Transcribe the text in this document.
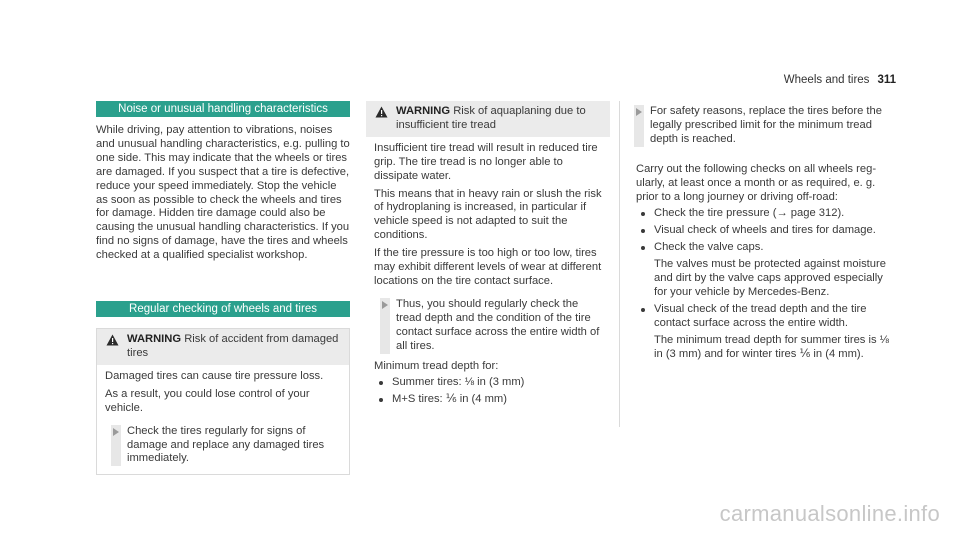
Wheels and tires 311
Noise or unusual handling characteristics

While driving, pay attention to vibrations, noises and unusual handling characteristics, e.g. pulling to one side. This may indicate that the wheels or tires are damaged. If you suspect that a tire is defective, reduce your speed immediately. Stop the vehicle as soon as possible to check the wheels and tires for damage. Hidden tire damage could also be causing the unusual handling characteristics. If you find no signs of damage, have the tires and wheels checked at a qualified specialist workshop.

Regular checking of wheels and tires
WARNING Risk of accident from damaged tires

Damaged tires can cause tire pressure loss.

As a result, you could lose control of your vehicle.

Check the tires regularly for signs of damage and replace any damaged tires immediately.
WARNING Risk of aquaplaning due to insufficient tire tread

Insufficient tire tread will result in reduced tire grip. The tire tread is no longer able to dissipate water.

This means that in heavy rain or slush the risk of hydroplaning is increased, in particular if vehicle speed is not adapted to suit the conditions.

If the tire pressure is too high or too low, tires may exhibit different levels of wear at different locations on the tire contact surface.

Thus, you should regularly check the tread depth and the condition of the tire contact surface across the entire width of all tires.

Minimum tread depth for:

Summer tires: ⅛ in (3 mm)
M+S tires: ⅙ in (4 mm)
For safety reasons, replace the tires before the legally prescribed limit for the minimum tread depth is reached.

Carry out the following checks on all wheels regularly, at least once a month or as required, e. g. prior to a long journey or driving off-road:

Check the tire pressure (→ page 312).
Visual check of wheels and tires for damage.
Check the valve caps.

The valves must be protected against moisture and dirt by the valve caps approved especially for your vehicle by Mercedes-Benz.

Visual check of the tread depth and the tire contact surface across the entire width.

The minimum tread depth for summer tires is ⅛ in (3 mm) and for winter tires ⅙ in (4 mm).

carmanualsonline.info
